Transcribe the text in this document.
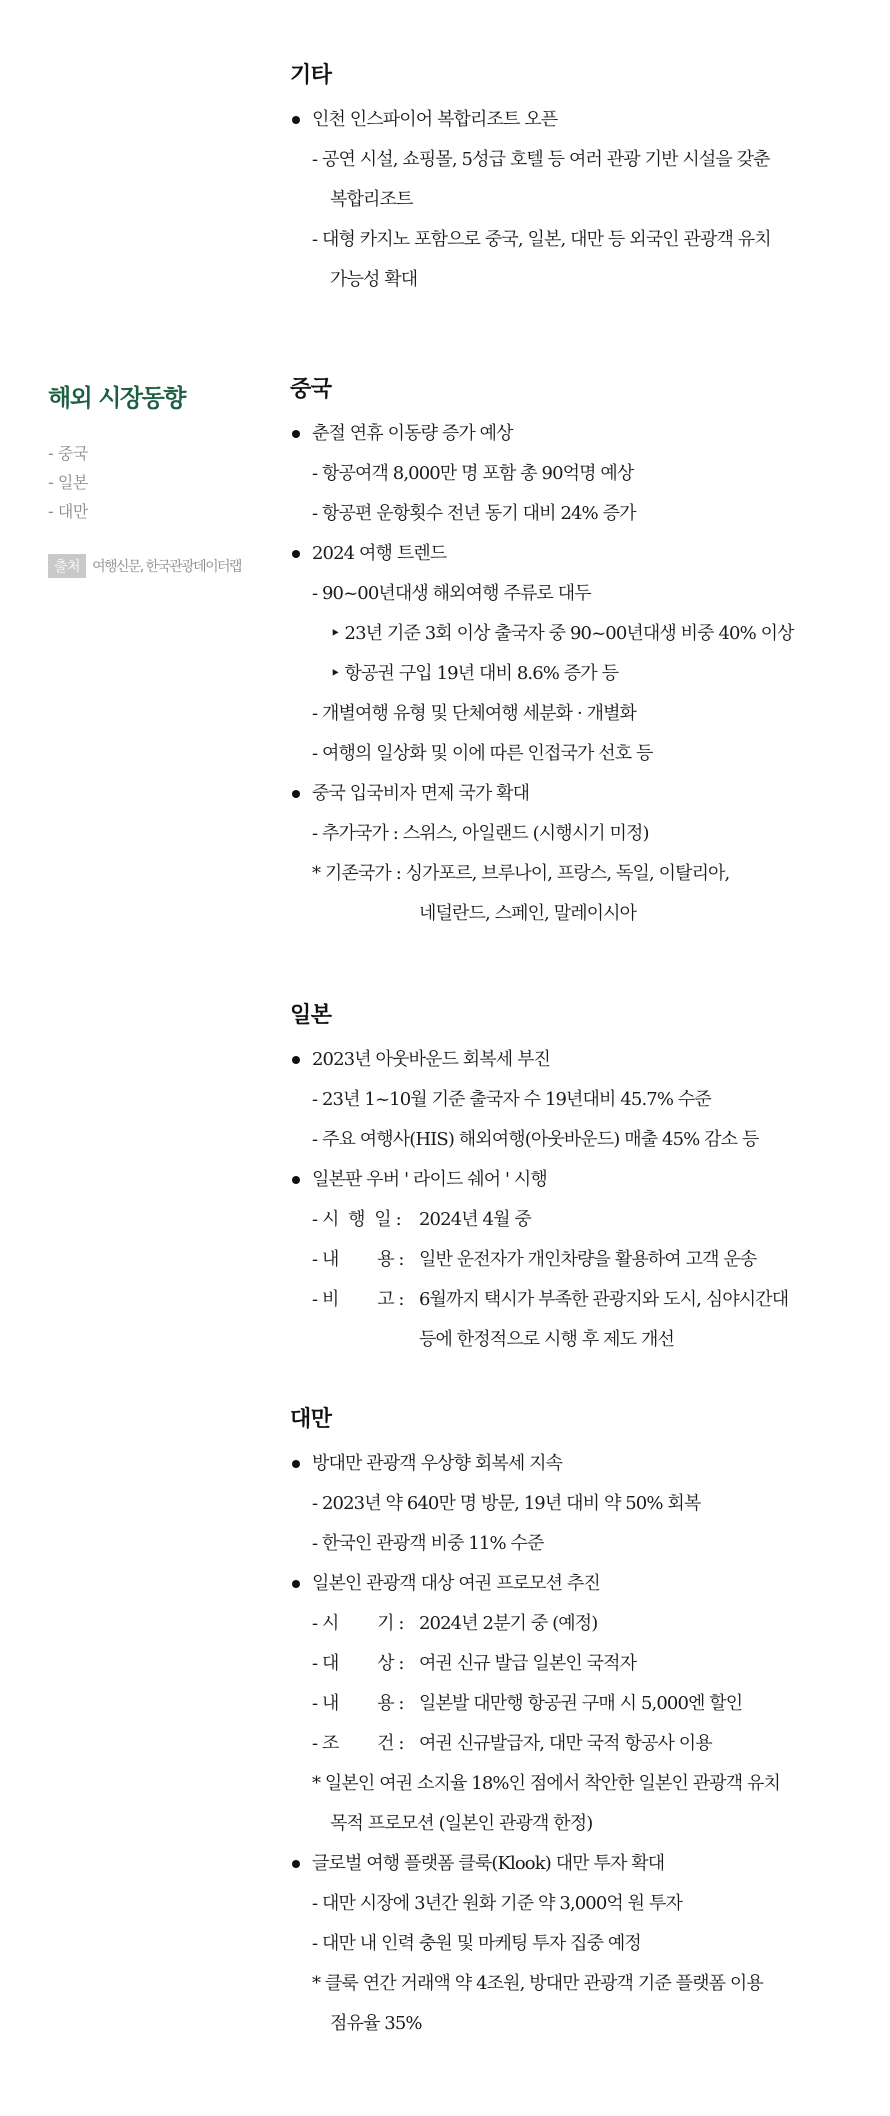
해외 시장동향
- 중국
- 일본
- 대만
출처 여행신문, 한국관광데이터랩
기타
인천 인스파이어 복합리조트 오픈
- 공연 시설, 쇼핑몰, 5성급 호텔 등 여러 관광 기반 시설을 갖춘
복합리조트
- 대형 카지노 포함으로 중국, 일본, 대만 등 외국인 관광객 유치
가능성 확대
중국
춘절 연휴 이동량 증가 예상
- 항공여객 8,000만 명 포함 총 90억명 예상
- 항공편 운항횟수 전년 동기 대비 24% 증가
2024 여행 트렌드
- 90~00년대생 해외여행 주류로 대두
‣ 23년 기준 3회 이상 출국자 중 90~00년대생 비중 40% 이상
‣ 항공권 구입 19년 대비 8.6% 증가 등
- 개별여행 유형 및 단체여행 세분화 · 개별화
- 여행의 일상화 및 이에 따른 인접국가 선호 등
중국 입국비자 면제 국가 확대
- 추가국가 : 스위스, 아일랜드 (시행시기 미정)
* 기존국가 : 싱가포르, 브루나이, 프랑스, 독일, 이탈리아,
네덜란드, 스페인, 말레이시아
일본
2023년 아웃바운드 회복세 부진
- 23년 1~10월 기준 출국자 수 19년대비 45.7% 수준
- 주요 여행사(HIS) 해외여행(아웃바운드) 매출 45% 감소 등
일본판 우버 ' 라이드 쉐어 ' 시행
- 시  행  일 : 2024년 4월 중
- 내        용 : 일반 운전자가 개인차량을 활용하여 고객 운송
- 비        고 : 6월까지 택시가 부족한 관광지와 도시, 심야시간대
등에 한정적으로 시행 후 제도 개선
대만
방대만 관광객 우상향 회복세 지속
- 2023년 약 640만 명 방문, 19년 대비 약 50% 회복
- 한국인 관광객 비중 11% 수준
일본인 관광객 대상 여권 프로모션 추진
- 시        기 : 2024년 2분기 중 (예정)
- 대        상 : 여권 신규 발급 일본인 국적자
- 내        용 : 일본발 대만행 항공권 구매 시 5,000엔 할인
- 조        건 : 여권 신규발급자, 대만 국적 항공사 이용
* 일본인 여권 소지율 18%인 점에서 착안한 일본인 관광객 유치
목적 프로모션 (일본인 관광객 한정)
글로벌 여행 플랫폼 클룩(Klook) 대만 투자 확대
- 대만 시장에 3년간 원화 기준 약 3,000억 원 투자
- 대만 내 인력 충원 및 마케팅 투자 집중 예정
* 클룩 연간 거래액 약 4조원, 방대만 관광객 기준 플랫폼 이용
점유율 35%
